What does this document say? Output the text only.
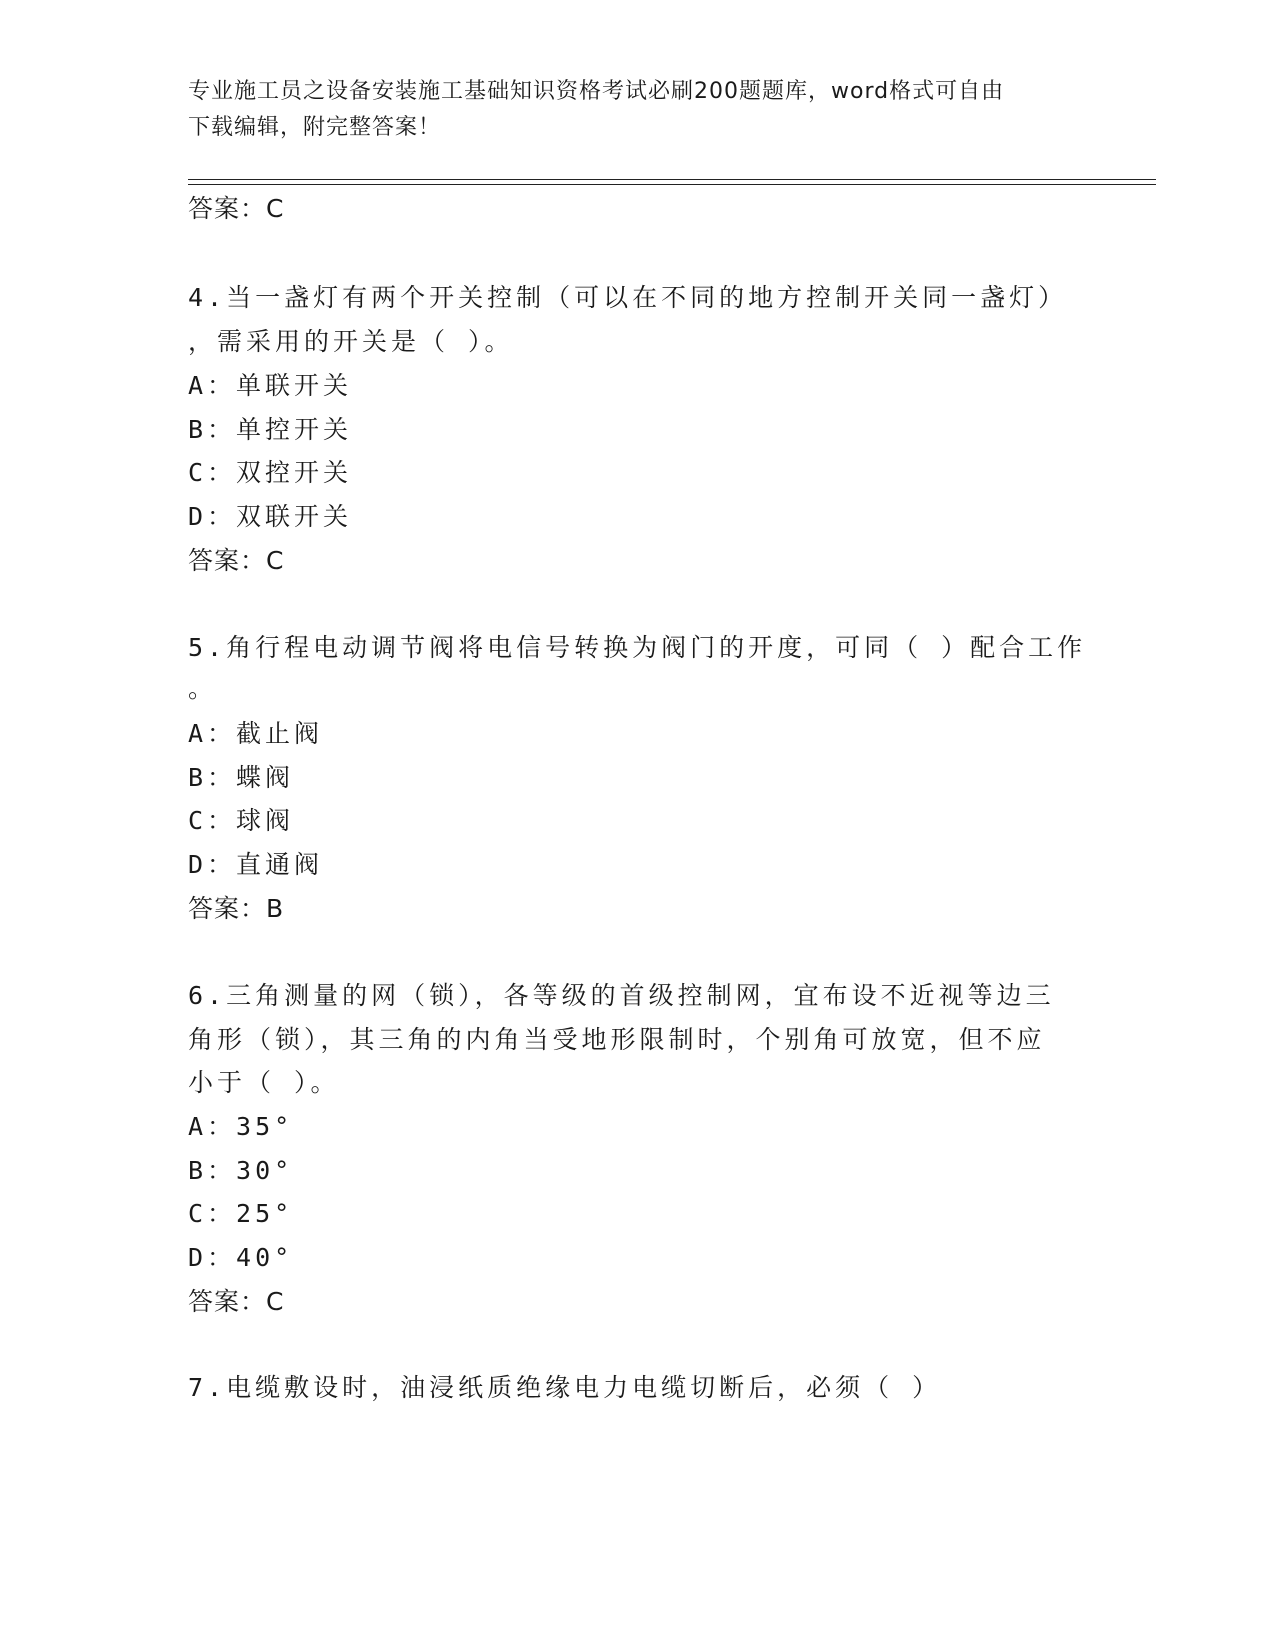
专业施工员之设备安装施工基础知识资格考试必刷200题题库，word格式可自由
下载编辑，附完整答案！
答案：C
4.当一盏灯有两个开关控制（可以在不同的地方控制开关同一盏灯）
，需采用的开关是（ ）。
A：单联开关
B：单控开关
C：双控开关
D：双联开关
答案：C
5.角行程电动调节阀将电信号转换为阀门的开度，可同（ ）配合工作
。
A：截止阀
B：蝶阀
C：球阀
D：直通阀
答案：B
6.三角测量的网（锁），各等级的首级控制网，宜布设不近视等边三
角形（锁），其三角的内角当受地形限制时，个别角可放宽，但不应
小于（ ）。
A：35°
B：30°
C：25°
D：40°
答案：C
7.电缆敷设时，油浸纸质绝缘电力电缆切断后，必须（ ）
